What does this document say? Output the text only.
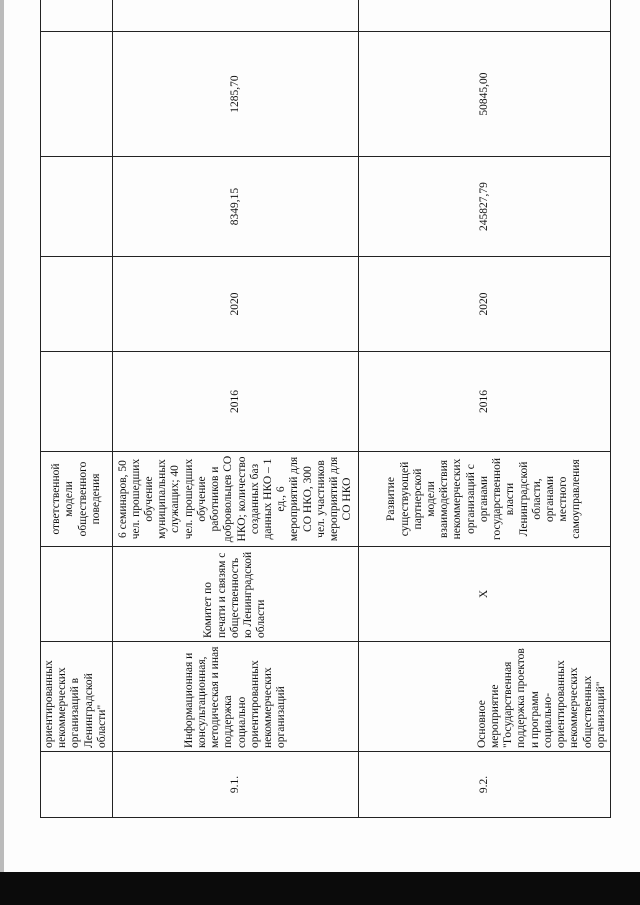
	ориентированных некоммерческих организаций в Ленинградской области"		ответственной модели общественного поведения					
9.1.	Информационная и консультационная, методическая и иная поддержка социально ориентированных некоммерческих организаций	Комитет по печати и связям с общественностью Ленинградской области	6 семинаров, 50 чел. прошедших обучение муниципальных служащих; 40 чел. прошедших обучение работников и добровольцев СО НКО; количество созданных баз данных НКО – 1 ед., 6 мероприятий для СО НКО, 300 чел. участников мероприятий для СО НКО	2016	2020	8349,15	1285,70	
9.2.	Основное мероприятие "Государственная поддержка проектов и программ социально-ориентированных некоммерческих общественных организаций"	Х	Развитие существующей партнерской модели взаимодействия некоммерческих организаций с органами государственной власти Ленинградской области, органами местного самоуправления	2016	2020	245827,79	50845,00	
